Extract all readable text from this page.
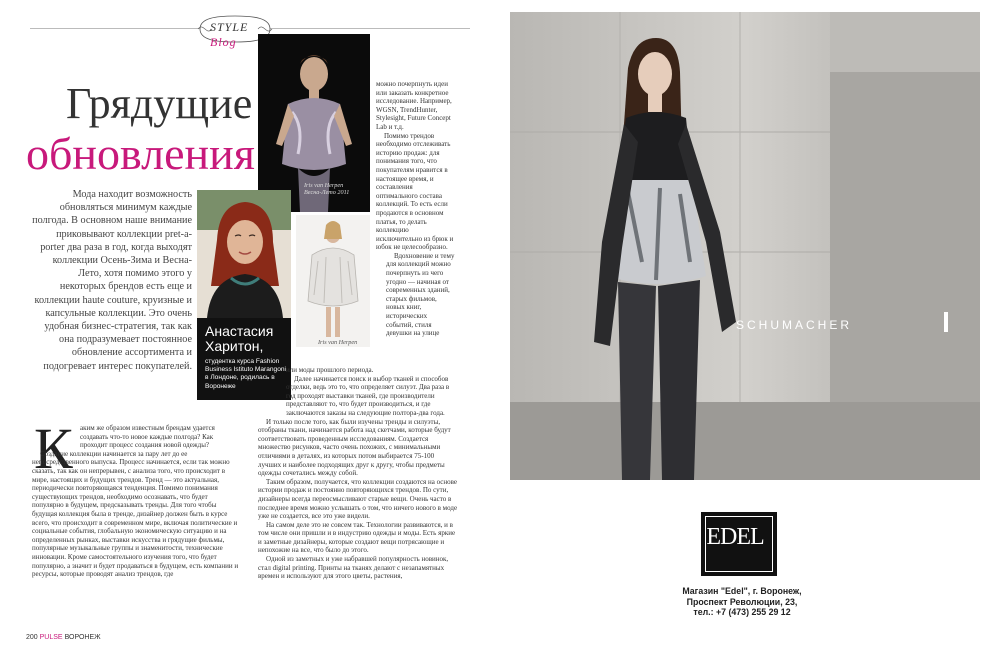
STYLE Blog
Грядущие
обновления
Iris van Herpen
Весна-Лето 2011
Анастасия
Харитон,
студентка курса Fashion Business Istituto Marangoni в Лондоне, родилась в Воронеже
Iris van Herpen

Мода находит возможность обновляться минимум каждые полгода. В основном наше внимание приковывают коллекции pret-a-porter два раза в год, когда выходят коллекции Осень-Зима и Весна-Лето, хотя помимо этого у некоторых брендов есть еще и коллекции haute couture, круизные и капсульные коллекции. Это очень удобная бизнес-стратегия, так как она подразумевает постоянное обновление ассортимента и подогревает интерес покупателей.

можно почерпнуть идеи или заказать конкретное исследование. Например, WGSN, TrendHunter, Stylesight, Future Concept Lab и т.д.

Помимо трендов необходимо отслеживать историю продаж: для понимания того, что покупателям нравится в настоящее время, и составления оптимального состава коллекций. То есть если продаются в основном платья, то делать коллекцию исключительно из брюк и юбок не целесообразно.

Вдохновение и тему для коллекций можно почерпнуть из чего угодно — начиная от современных зданий, старых фильмов, новых книг, исторических событий, стиля девушки на улице

К аким же образом известным брендам удается создавать что-то новое каждые полгода? Как проходит процесс создания новой одежды?

Создание коллекции начинается за пару лет до ее непосредственного выпуска. Процесс начинается, если так можно сказать, так как он непрерывен, с анализа того, что происходит в мире, настоящих и будущих трендов. Тренд — это актуальная, периодически повторяющаяся тенденция. Помимо понимания существующих трендов, необходимо осознавать, что будет популярно в будущем, предсказывать тренды. Для того чтобы будущая коллекция была в тренде, дизайнер должен быть в курсе всего, что происходит в современном мире, включая политические и социальные события, глобальную экономическую ситуацию и на определенных рынках, выставки искусства и грядущие фильмы, популярные музыкальные группы и знаменитости, технические инновации. Кроме самостоятельного изучения того, что будет популярно, а значит и будет продаваться в будущем, есть компании и ресурсы, которые проводят анализ трендов, где

или моды прошлого периода.

Далее начинается поиск и выбор тканей и способов отделки, ведь это то, что определяет силуэт. Два раза в год проходят выставки тканей, где производители представляют то, что будет производиться, и где заключаются заказы на следующие полтора-два года.

И только после того, как были изучены тренды и силуэты, отобраны ткани, начинается работа над скетчами, которые будут соответствовать проведенным исследованиям. Создается множество рисунков, часто очень похожих, с минимальными отличиями в деталях, из которых потом выбирается 75-100 лучших и наиболее подходящих друг к другу, чтобы предметы одежды сочетались между собой.

Таким образом, получается, что коллекции создаются на основе истории продаж и постоянно повторяющихся трендов. По сути, дизайнеры всегда переосмысливают старые вещи. Очень часто в последнее время можно услышать о том, что ничего нового в моде уже не создается, все это уже видели.

На самом деле это не совсем так. Технологии развиваются, и в том числе они пришли и в индустрию одежды и моды. Есть яркие и заметные дизайнеры, которые создают вещи потрясающие и непохожие на все, что было до этого.

Одной из заметных и уже набравшей популярность новинок, стал digital printing. Принты на тканях делают с незапамятных времен и используют для этого цветы, растения,

200 PULSE ВОРОНЕЖ
SCHUMACHER
EDEL
Магазин "Edel", г. Воронеж,
Проспект Революции, 23,
тел.: +7 (473) 255 29 12
